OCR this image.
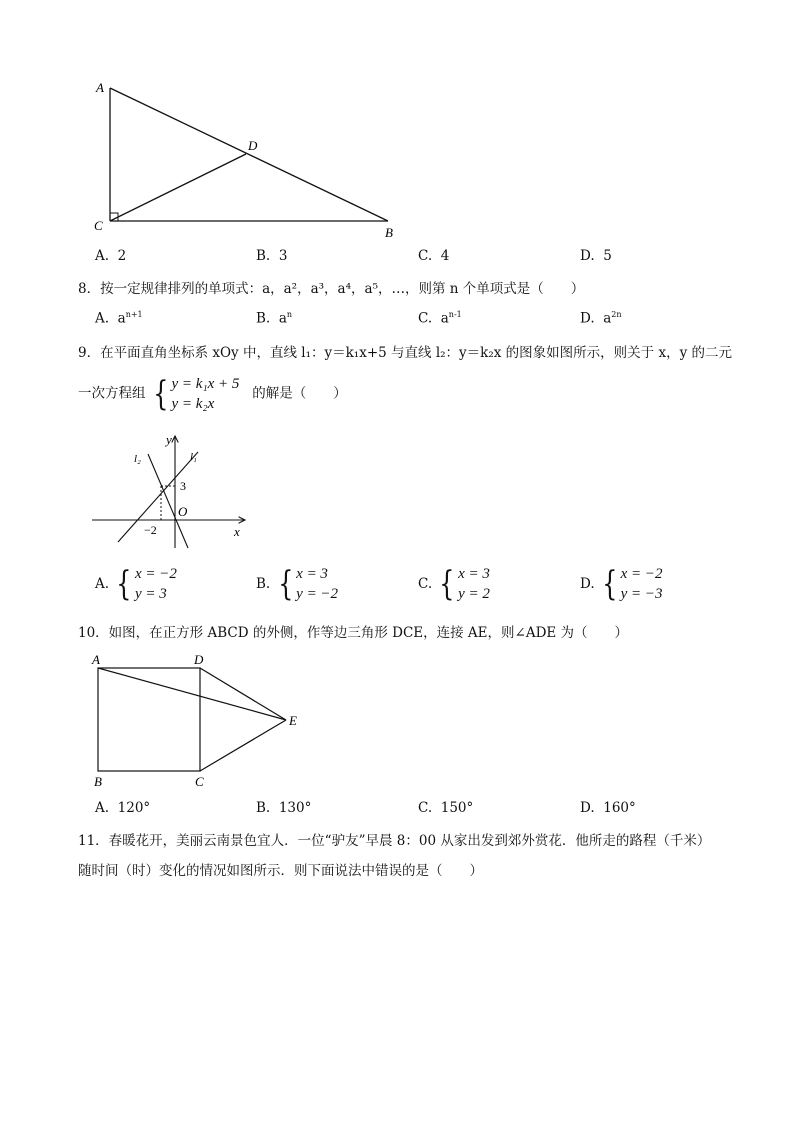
A
D
C	B
A. 2	B. 3	C. 4	D. 5
8．按一定规律排列的单项式：a，a²，a³，a⁴，a⁵，…，则第 n 个单项式是（　　）
A. $a^{n+1}$	B. $a^n$	C. $a^{n-1}$	D. $a^{2n}$
9．在平面直角坐标系 xOy 中，直线 l₁：y＝k₁x+5 与直线 l₂：y＝k₂x 的图象如图所示，则关于 x，y 的二元
一次方程组 { y = k₁x + 5
y = k₂x   的解是（　　）
y
x
O
l₁
l₂
3
−2
A. { x = −2
y = 3
B. { x = 3
y = −2
C. { x = 3
y = 2
D. { x = −2
y = −3
10．如图，在正方形 ABCD 的外侧，作等边三角形 DCE，连接 AE，则∠ADE 为（　　）
A	D
E
B	C
A. 120°	B. 130°	C. 150°	D. 160°
11．春暖花开，美丽云南景色宜人．一位“驴友”早晨 8：00 从家出发到郊外赏花．他所走的路程（千米）
随时间（时）变化的情况如图所示．则下面说法中错误的是（　　）
